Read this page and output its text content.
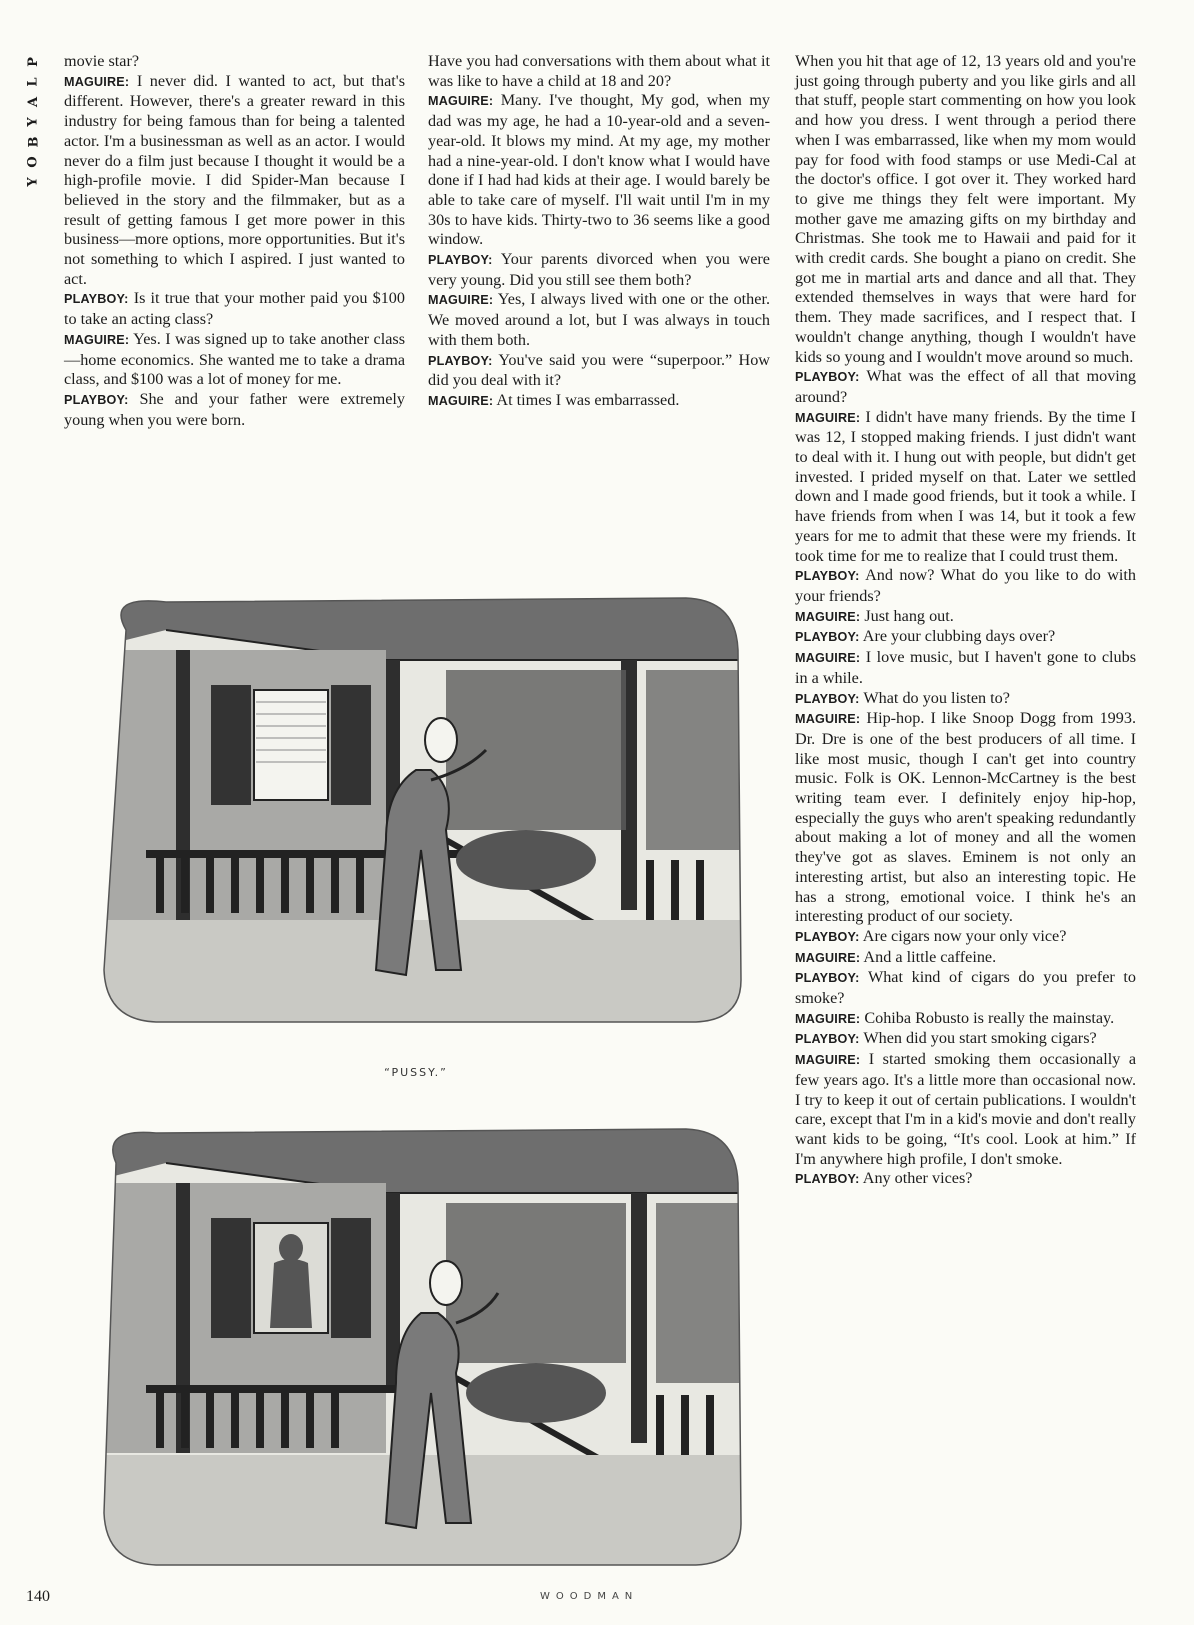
P
L
A
Y
B
O
Y

movie star?

MAGUIRE: I never did. I wanted to act, but that's different. However, there's a greater reward in this industry for being famous than for being a talented actor. I'm a businessman as well as an actor. I would never do a film just because I thought it would be a high-profile movie. I did Spider-Man because I believed in the story and the filmmaker, but as a result of getting famous I get more power in this business—more options, more opportunities. But it's not something to which I aspired. I just wanted to act.

PLAYBOY: Is it true that your mother paid you $100 to take an acting class?

MAGUIRE: Yes. I was signed up to take another class—home economics. She wanted me to take a drama class, and $100 was a lot of money for me.

PLAYBOY: She and your father were extremely young when you were born.

Have you had conversations with them about what it was like to have a child at 18 and 20?

MAGUIRE: Many. I've thought, My god, when my dad was my age, he had a 10-year-old and a seven-year-old. It blows my mind. At my age, my mother had a nine-year-old. I don't know what I would have done if I had had kids at their age. I would barely be able to take care of myself. I'll wait until I'm in my 30s to have kids. Thirty-two to 36 seems like a good window.

PLAYBOY: Your parents divorced when you were very young. Did you still see them both?

MAGUIRE: Yes, I always lived with one or the other. We moved around a lot, but I was always in touch with them both.

PLAYBOY: You've said you were “superpoor.” How did you deal with it?

MAGUIRE: At times I was embarrassed.

When you hit that age of 12, 13 years old and you're just going through puberty and you like girls and all that stuff, people start commenting on how you look and how you dress. I went through a period there when I was embarrassed, like when my mom would pay for food with food stamps or use Medi-Cal at the doctor's office. I got over it. They worked hard to give me things they felt were important. My mother gave me amazing gifts on my birthday and Christmas. She took me to Hawaii and paid for it with credit cards. She bought a piano on credit. She got me in martial arts and dance and all that. They extended themselves in ways that were hard for them. They made sacrifices, and I respect that. I wouldn't change anything, though I wouldn't have kids so young and I wouldn't move around so much.

PLAYBOY: What was the effect of all that moving around?

MAGUIRE: I didn't have many friends. By the time I was 12, I stopped making friends. I just didn't want to deal with it. I hung out with people, but didn't get invested. I prided myself on that. Later we settled down and I made good friends, but it took a while. I have friends from when I was 14, but it took a few years for me to admit that these were my friends. It took time for me to realize that I could trust them.

PLAYBOY: And now? What do you like to do with your friends?

MAGUIRE: Just hang out.

PLAYBOY: Are your clubbing days over?

MAGUIRE: I love music, but I haven't gone to clubs in a while.

PLAYBOY: What do you listen to?

MAGUIRE: Hip-hop. I like Snoop Dogg from 1993. Dr. Dre is one of the best producers of all time. I like most music, though I can't get into country music. Folk is OK. Lennon-McCartney is the best writing team ever. I definitely enjoy hip-hop, especially the guys who aren't speaking redundantly about making a lot of money and all the women they've got as slaves. Eminem is not only an interesting artist, but also an interesting topic. He has a strong, emotional voice. I think he's an interesting product of our society.

PLAYBOY: Are cigars now your only vice?

MAGUIRE: And a little caffeine.

PLAYBOY: What kind of cigars do you prefer to smoke?

MAGUIRE: Cohiba Robusto is really the mainstay.

PLAYBOY: When did you start smoking cigars?

MAGUIRE: I started smoking them occasionally a few years ago. It's a little more than occasional now. I try to keep it out of certain publications. I wouldn't care, except that I'm in a kid's movie and don't really want kids to be going, “It's cool. Look at him.” If I'm anywhere high profile, I don't smoke.

PLAYBOY: Any other vices?

“PUSSY.”
WOODMAN
140
